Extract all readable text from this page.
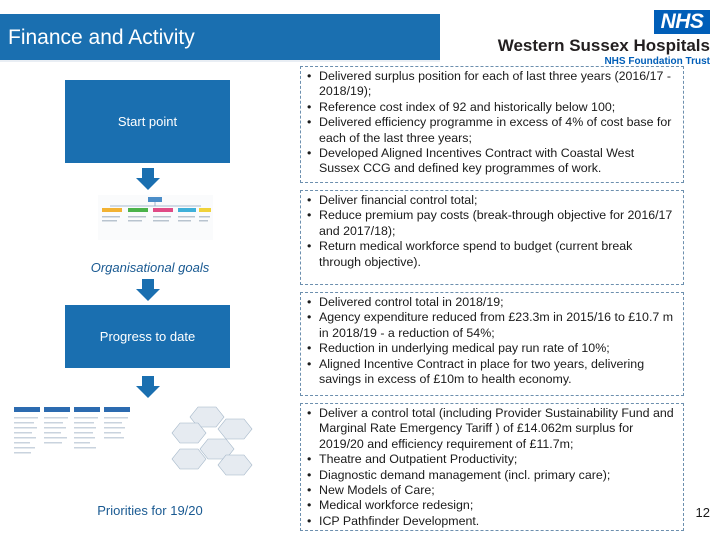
Finance and Activity
NHS
Western Sussex Hospitals
NHS Foundation Trust
Start point
Organisational goals
Progress to date
Priorities for 19/20
• Delivered surplus position for each of last three years (2016/17 - 2018/19);
• Reference cost index of 92 and historically below 100;
• Delivered efficiency programme in excess of 4% of cost base for each of the last three years;
• Developed Aligned Incentives Contract with Coastal West Sussex CCG and defined key programmes of work.
• Deliver financial control total;
• Reduce premium pay costs (break-through objective for 2016/17 and 2017/18);
• Return medical workforce spend to budget (current break through objective).
• Delivered control total in 2018/19;
• Agency expenditure reduced from £23.3m in 2015/16 to £10.7 m in 2018/19 - a reduction of 54%;
• Reduction in underlying medical pay run rate of 10%;
• Aligned Incentive Contract in place for two years, delivering savings in excess of £10m to health economy.
• Deliver a control total (including Provider Sustainability Fund and Marginal Rate Emergency Tariff ) of £14.062m surplus for 2019/20 and efficiency requirement of £11.7m;
• Theatre and Outpatient Productivity;
• Diagnostic demand management (incl. primary care);
• New Models of Care;
• Medical workforce redesign;
• ICP Pathfinder Development.
12
